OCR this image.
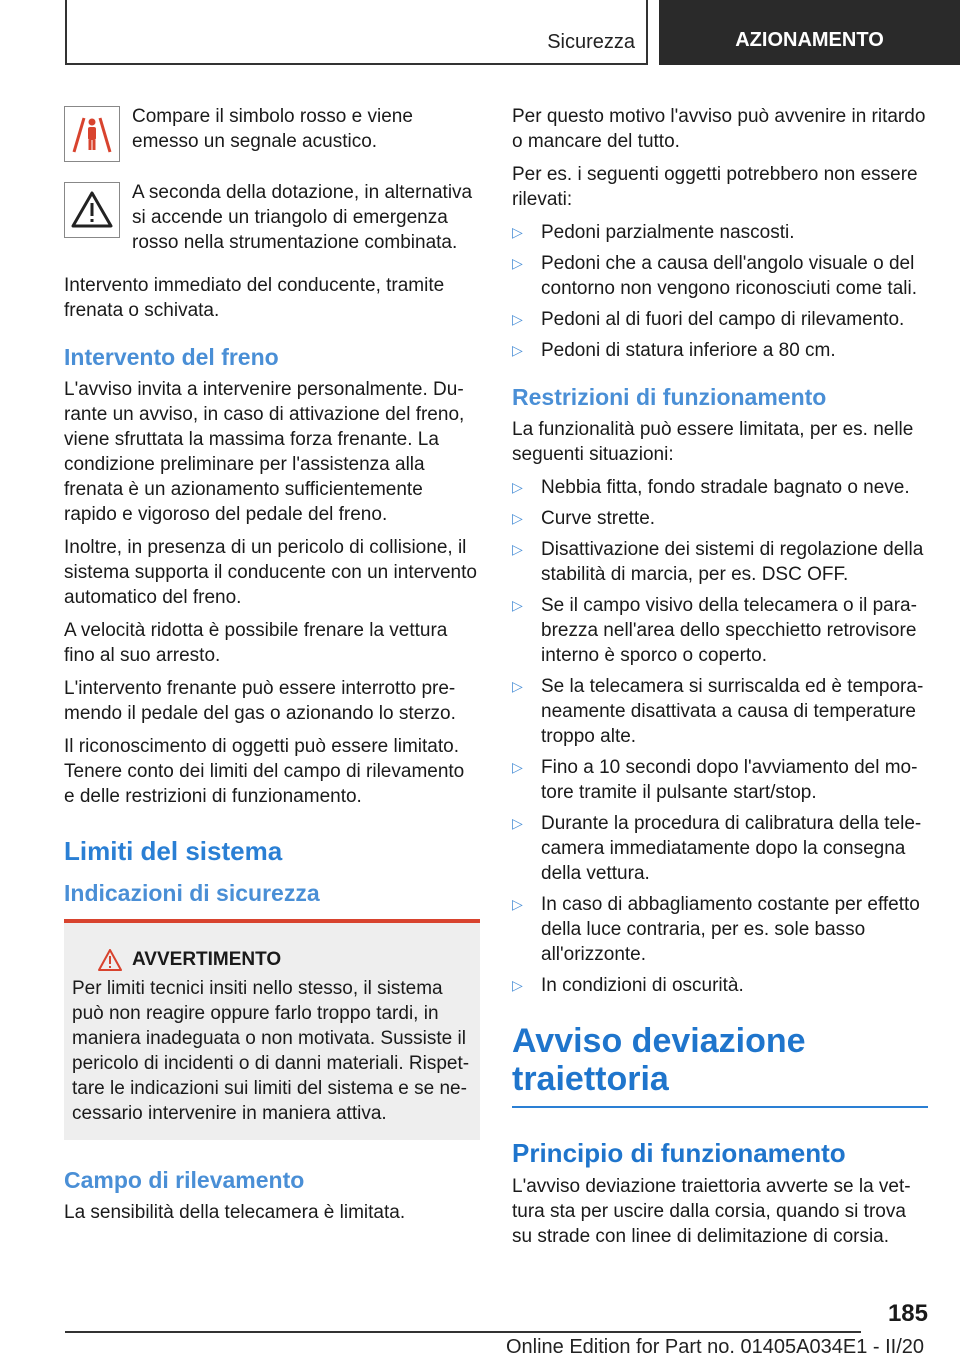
Sicurezza	AZIONAMENTO

Compare il simbolo rosso e viene emesso un segnale acustico.

A seconda della dotazione, in alternativa si accende un triangolo di emergenza rosso nella strumentazione combinata.

Intervento immediato del conducente, tramite frenata o schivata.

Intervento del freno

L'avviso invita a intervenire personalmente. Durante un avviso, in caso di attivazione del freno, viene sfruttata la massima forza frenante. La condizione preliminare per l'assistenza alla frenata è un azionamento sufficientemente rapido e vigoroso del pedale del freno.

Inoltre, in presenza di un pericolo di collisione, il sistema supporta il conducente con un intervento automatico del freno.

A velocità ridotta è possibile frenare la vettura fino al suo arresto.

L'intervento frenante può essere interrotto premendo il pedale del gas o azionando lo sterzo.

Il riconoscimento di oggetti può essere limitato. Tenere conto dei limiti del campo di rilevamento e delle restrizioni di funzionamento.

Limiti del sistema
Indicazioni di sicurezza
AVVERTIMENTO

Per limiti tecnici insiti nello stesso, il sistema può non reagire oppure farlo troppo tardi, in maniera inadeguata o non motivata. Sussiste il pericolo di incidenti o di danni materiali. Rispettare le indicazioni sui limiti del sistema e se necessario intervenire in maniera attiva.

Campo di rilevamento

La sensibilità della telecamera è limitata.

Per questo motivo l'avviso può avvenire in ritardo o mancare del tutto.

Per es. i seguenti oggetti potrebbero non essere rilevati:

▷ Pedoni parzialmente nascosti.
▷ Pedoni che a causa dell'angolo visuale o del contorno non vengono riconosciuti come tali.
▷ Pedoni al di fuori del campo di rilevamento.
▷ Pedoni di statura inferiore a 80 cm.
Restrizioni di funzionamento

La funzionalità può essere limitata, per es. nelle seguenti situazioni:

▷ Nebbia fitta, fondo stradale bagnato o neve.
▷ Curve strette.
▷ Disattivazione dei sistemi di regolazione della stabilità di marcia, per es. DSC OFF.
▷ Se il campo visivo della telecamera o il parabrezza nell'area dello specchietto retrovisore interno è sporco o coperto.
▷ Se la telecamera si surriscalda ed è temporaneamente disattivata a causa di temperature troppo alte.
▷ Fino a 10 secondi dopo l'avviamento del motore tramite il pulsante start/stop.
▷ Durante la procedura di calibratura della telecamera immediatamente dopo la consegna della vettura.
▷ In caso di abbagliamento costante per effetto della luce contraria, per es. sole basso all'orizzonte.
▷ In condizioni di oscurità.
Avviso deviazione traiettoria
Principio di funzionamento

L'avviso deviazione traiettoria avverte se la vettura sta per uscire dalla corsia, quando si trova su strade con linee di delimitazione di corsia.

185
Online Edition for Part no. 01405A034E1 - II/20
